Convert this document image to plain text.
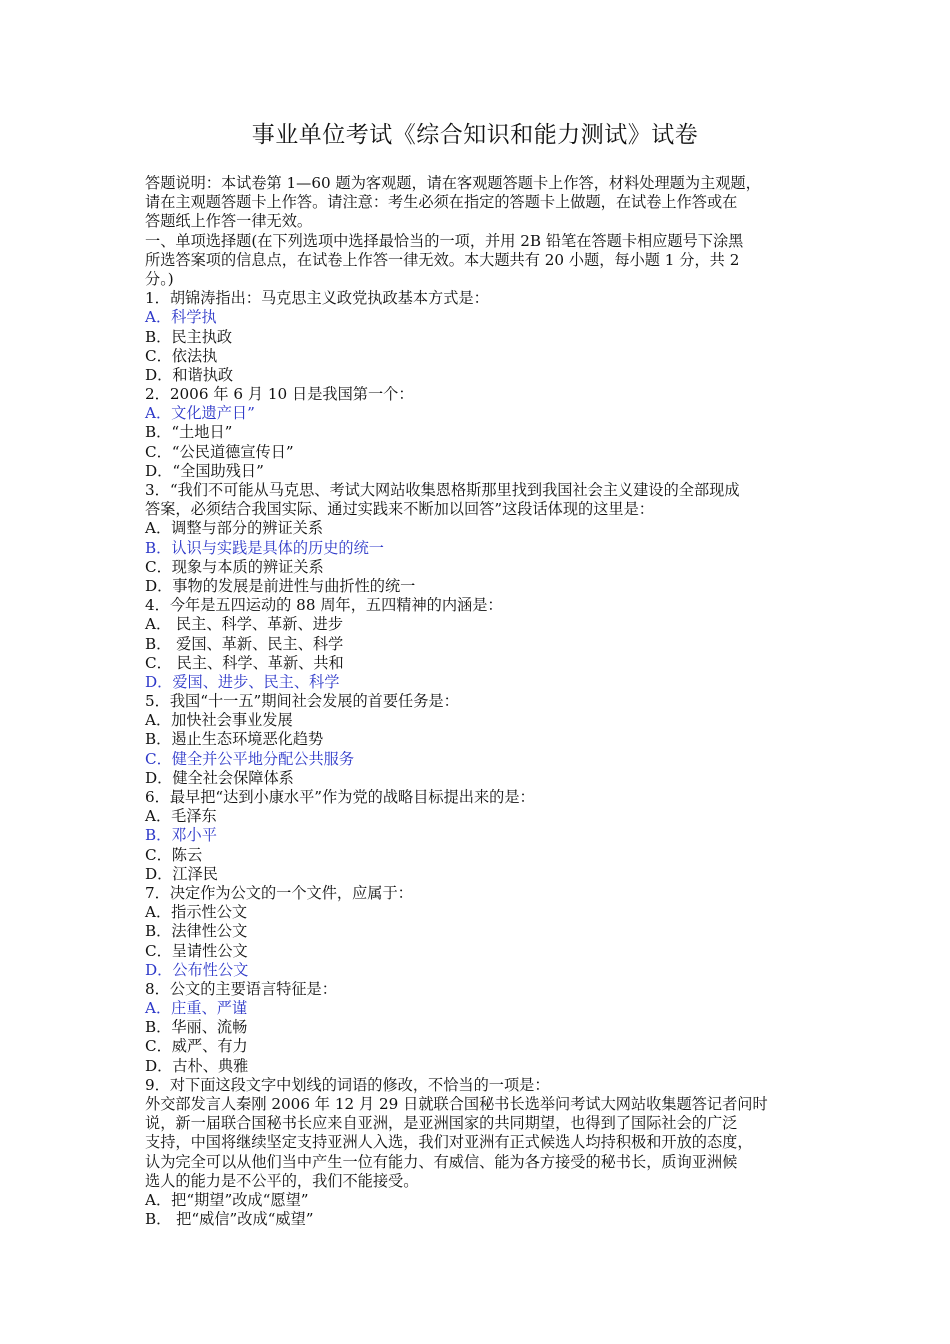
事业单位考试《综合知识和能力测试》试卷
答题说明：本试卷第 1—60 题为客观题，请在客观题答题卡上作答，材料处理题为主观题，
请在主观题答题卡上作答。请注意：考生必须在指定的答题卡上做题，在试卷上作答或在
答题纸上作答一律无效。
一、单项选择题(在下列选项中选择最恰当的一项，并用 2B 铅笔在答题卡相应题号下涂黑
所选答案项的信息点，在试卷上作答一律无效。本大题共有 20 小题，每小题 1 分，共 2
分。)
1．胡锦涛指出：马克思主义政党执政基本方式是：
A．科学执
B．民主执政
C．依法执
D．和谐执政
2．2006 年 6 月 10 日是我国第一个：
A．文化遗产日”
B．“土地日”
C．“公民道德宣传日”
D．“全国助残日”
3．“我们不可能从马克思、考试大网站收集恩格斯那里找到我国社会主义建设的全部现成
答案，必须结合我国实际、通过实践来不断加以回答”这段话体现的这里是：
A．调整与部分的辨证关系
B．认识与实践是具体的历史的统一
C．现象与本质的辨证关系
D．事物的发展是前进性与曲折性的统一
4．今年是五四运动的 88 周年，五四精神的内涵是：
A． 民主、科学、革新、进步
B． 爱国、革新、民主、科学
C． 民主、科学、革新、共和
D．爱国、进步、民主、科学
5．我国“十一五”期间社会发展的首要任务是：
A．加快社会事业发展
B．遏止生态环境恶化趋势
C．健全并公平地分配公共服务
D．健全社会保障体系
6．最早把“达到小康水平”作为党的战略目标提出来的是：
A．毛泽东
B．邓小平
C．陈云
D．江泽民
7．决定作为公文的一个文件，应属于：
A．指示性公文
B．法律性公文
C．呈请性公文
D．公布性公文
8．公文的主要语言特征是：
A．庄重、严谨
B．华丽、流畅
C．威严、有力
D．古朴、典雅
9．对下面这段文字中划线的词语的修改，不恰当的一项是：
外交部发言人秦刚 2006 年 12 月 29 日就联合国秘书长选举问考试大网站收集题答记者问时
说，新一届联合国秘书长应来自亚洲，是亚洲国家的共同期望，也得到了国际社会的广泛
支持，中国将继续坚定支持亚洲人入选，我们对亚洲有正式候选人均持积极和开放的态度，
认为完全可以从他们当中产生一位有能力、有威信、能为各方接受的秘书长，质询亚洲候
选人的能力是不公平的，我们不能接受。
A．把“期望”改成“愿望”
B． 把“威信”改成“威望”
